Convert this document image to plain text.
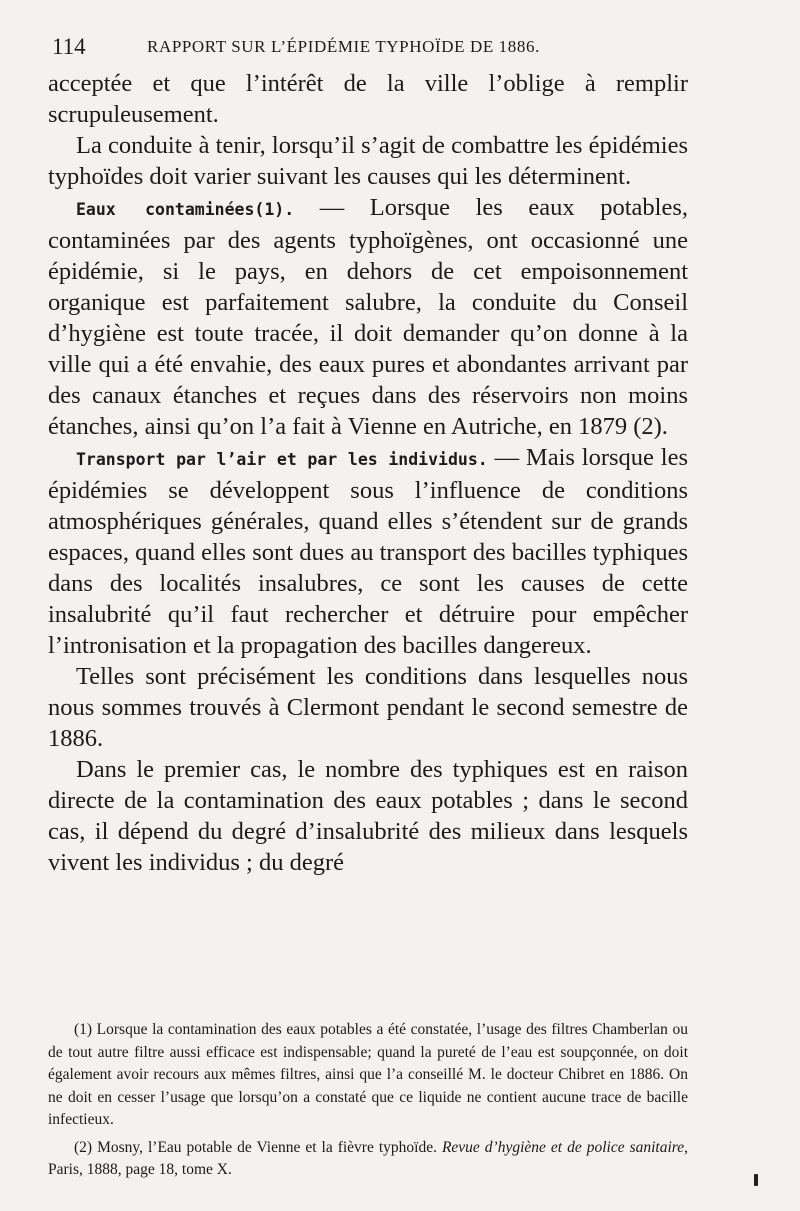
114	RAPPORT SUR L’ÉPIDÉMIE TYPHOÏDE DE 1886.

acceptée et que l’intérêt de la ville l’oblige à remplir scrupuleusement.

La conduite à tenir, lorsqu’il s’agit de combattre les épidémies typhoïdes doit varier suivant les causes qui les déterminent.

Eaux contaminées(1). — Lorsque les eaux potables, contaminées par des agents typhoïgènes, ont occasionné une épidémie, si le pays, en dehors de cet empoisonnement organique est parfaitement salubre, la conduite du Conseil d’hygiène est toute tracée, il doit demander qu’on donne à la ville qui a été envahie, des eaux pures et abondantes arrivant par des canaux étanches et reçues dans des réservoirs non moins étanches, ainsi qu’on l’a fait à Vienne en Autriche, en 1879 (2).

Transport par l’air et par les individus. — Mais lorsque les épidémies se développent sous l’influence de conditions atmosphériques générales, quand elles s’étendent sur de grands espaces, quand elles sont dues au transport des bacilles typhiques dans des localités insalubres, ce sont les causes de cette insalubrité qu’il faut rechercher et détruire pour empêcher l’intronisation et la propagation des bacilles dangereux.

Telles sont précisément les conditions dans lesquelles nous nous sommes trouvés à Clermont pendant le second semestre de 1886.

Dans le premier cas, le nombre des typhiques est en raison directe de la contamination des eaux potables ; dans le second cas, il dépend du degré d’insalubrité des milieux dans lesquels vivent les individus ; du degré

(1) Lorsque la contamination des eaux potables a été constatée, l’usage des filtres Chamberlan ou de tout autre filtre aussi efficace est indispensable; quand la pureté de l’eau est soupçonnée, on doit également avoir recours aux mêmes filtres, ainsi que l’a conseillé M. le docteur Chibret en 1886. On ne doit en cesser l’usage que lorsqu’on a constaté que ce liquide ne contient aucune trace de bacille infectieux.

(2) Mosny, l’Eau potable de Vienne et la fièvre typhoïde. Revue d’hygiène et de police sanitaire, Paris, 1888, page 18, tome X.
